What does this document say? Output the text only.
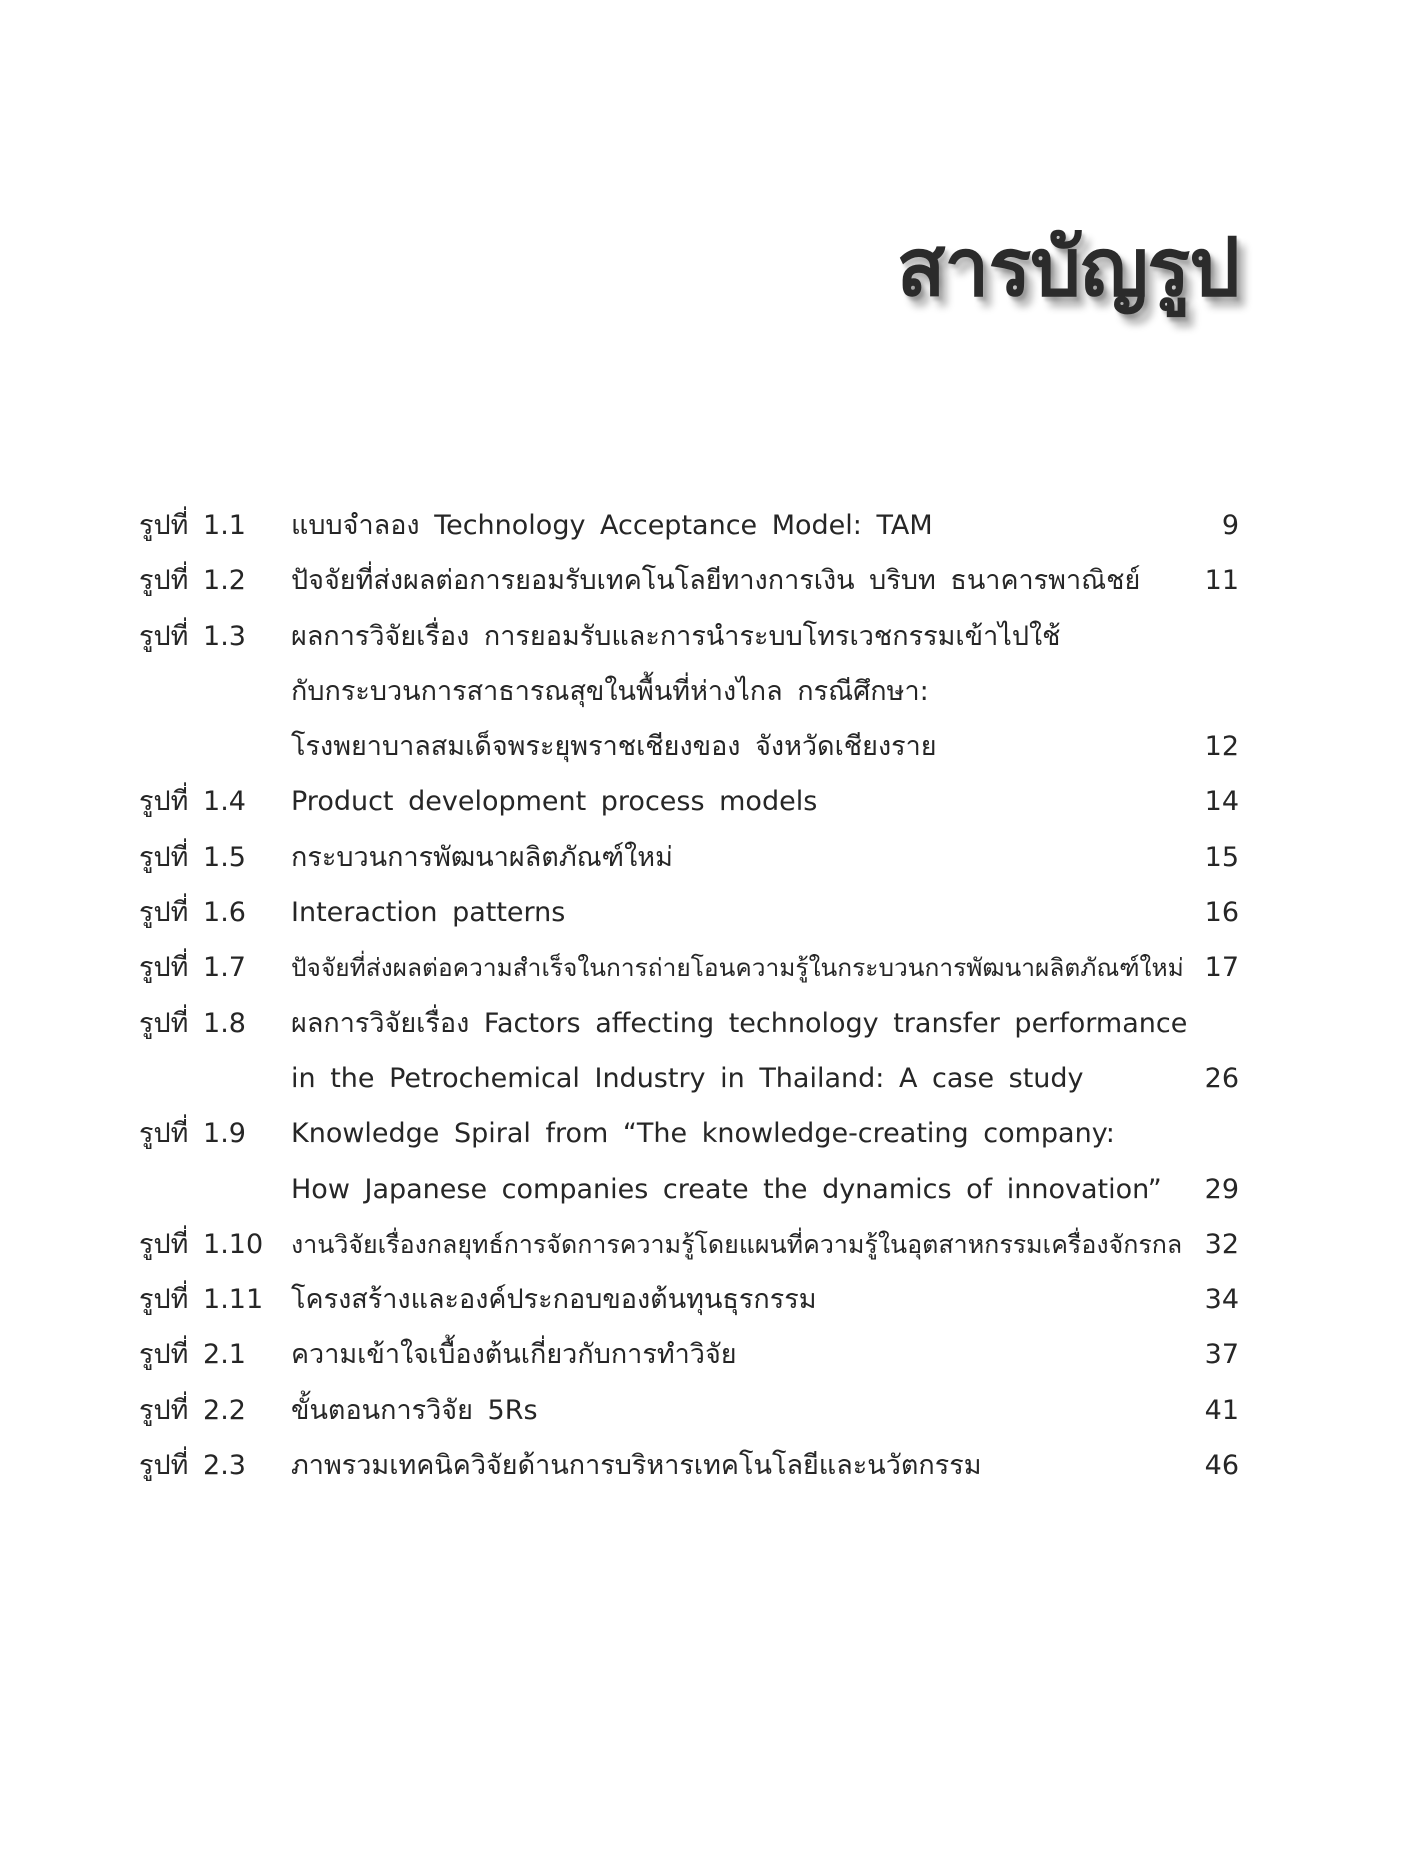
สารบัญรูป
รูปที่ 1.1 แบบจำลอง Technology Acceptance Model: TAM	9
รูปที่ 1.2 ปัจจัยที่ส่งผลต่อการยอมรับเทคโนโลยีทางการเงิน บริบท ธนาคารพาณิชย์ 11
รูปที่ 1.3 ผลการวิจัยเรื่อง การยอมรับและการนำระบบโทรเวชกรรมเข้าไปใช้
กับกระบวนการสาธารณสุขในพื้นที่ห่างไกล กรณีศึกษา:
โรงพยาบาลสมเด็จพระยุพราชเชียงของ จังหวัดเชียงราย	12
รูปที่ 1.4 Product development process models	14
รูปที่ 1.5 กระบวนการพัฒนาผลิตภัณฑ์ใหม่	15
รูปที่ 1.6 Interaction patterns	16
รูปที่ 1.7 ปัจจัยที่ส่งผลต่อความสำเร็จในการถ่ายโอนความรู้ในกระบวนการพัฒนาผลิตภัณฑ์ใหม่ 17
รูปที่ 1.8 ผลการวิจัยเรื่อง Factors affecting technology transfer performance
in the Petrochemical Industry in Thailand: A case study	26
รูปที่ 1.9 Knowledge Spiral from “The knowledge-creating company:
How Japanese companies create the dynamics of innovation” 29
รูปที่ 1.10 งานวิจัยเรื่องกลยุทธ์การจัดการความรู้โดยแผนที่ความรู้ในอุตสาหกรรมเครื่องจักรกล 32
รูปที่ 1.11 โครงสร้างและองค์ประกอบของต้นทุนธุรกรรม	34
รูปที่ 2.1 ความเข้าใจเบื้องต้นเกี่ยวกับการทำวิจัย	37
รูปที่ 2.2 ขั้นตอนการวิจัย 5Rs	41
รูปที่ 2.3 ภาพรวมเทคนิควิจัยด้านการบริหารเทคโนโลยีและนวัตกรรม	46
